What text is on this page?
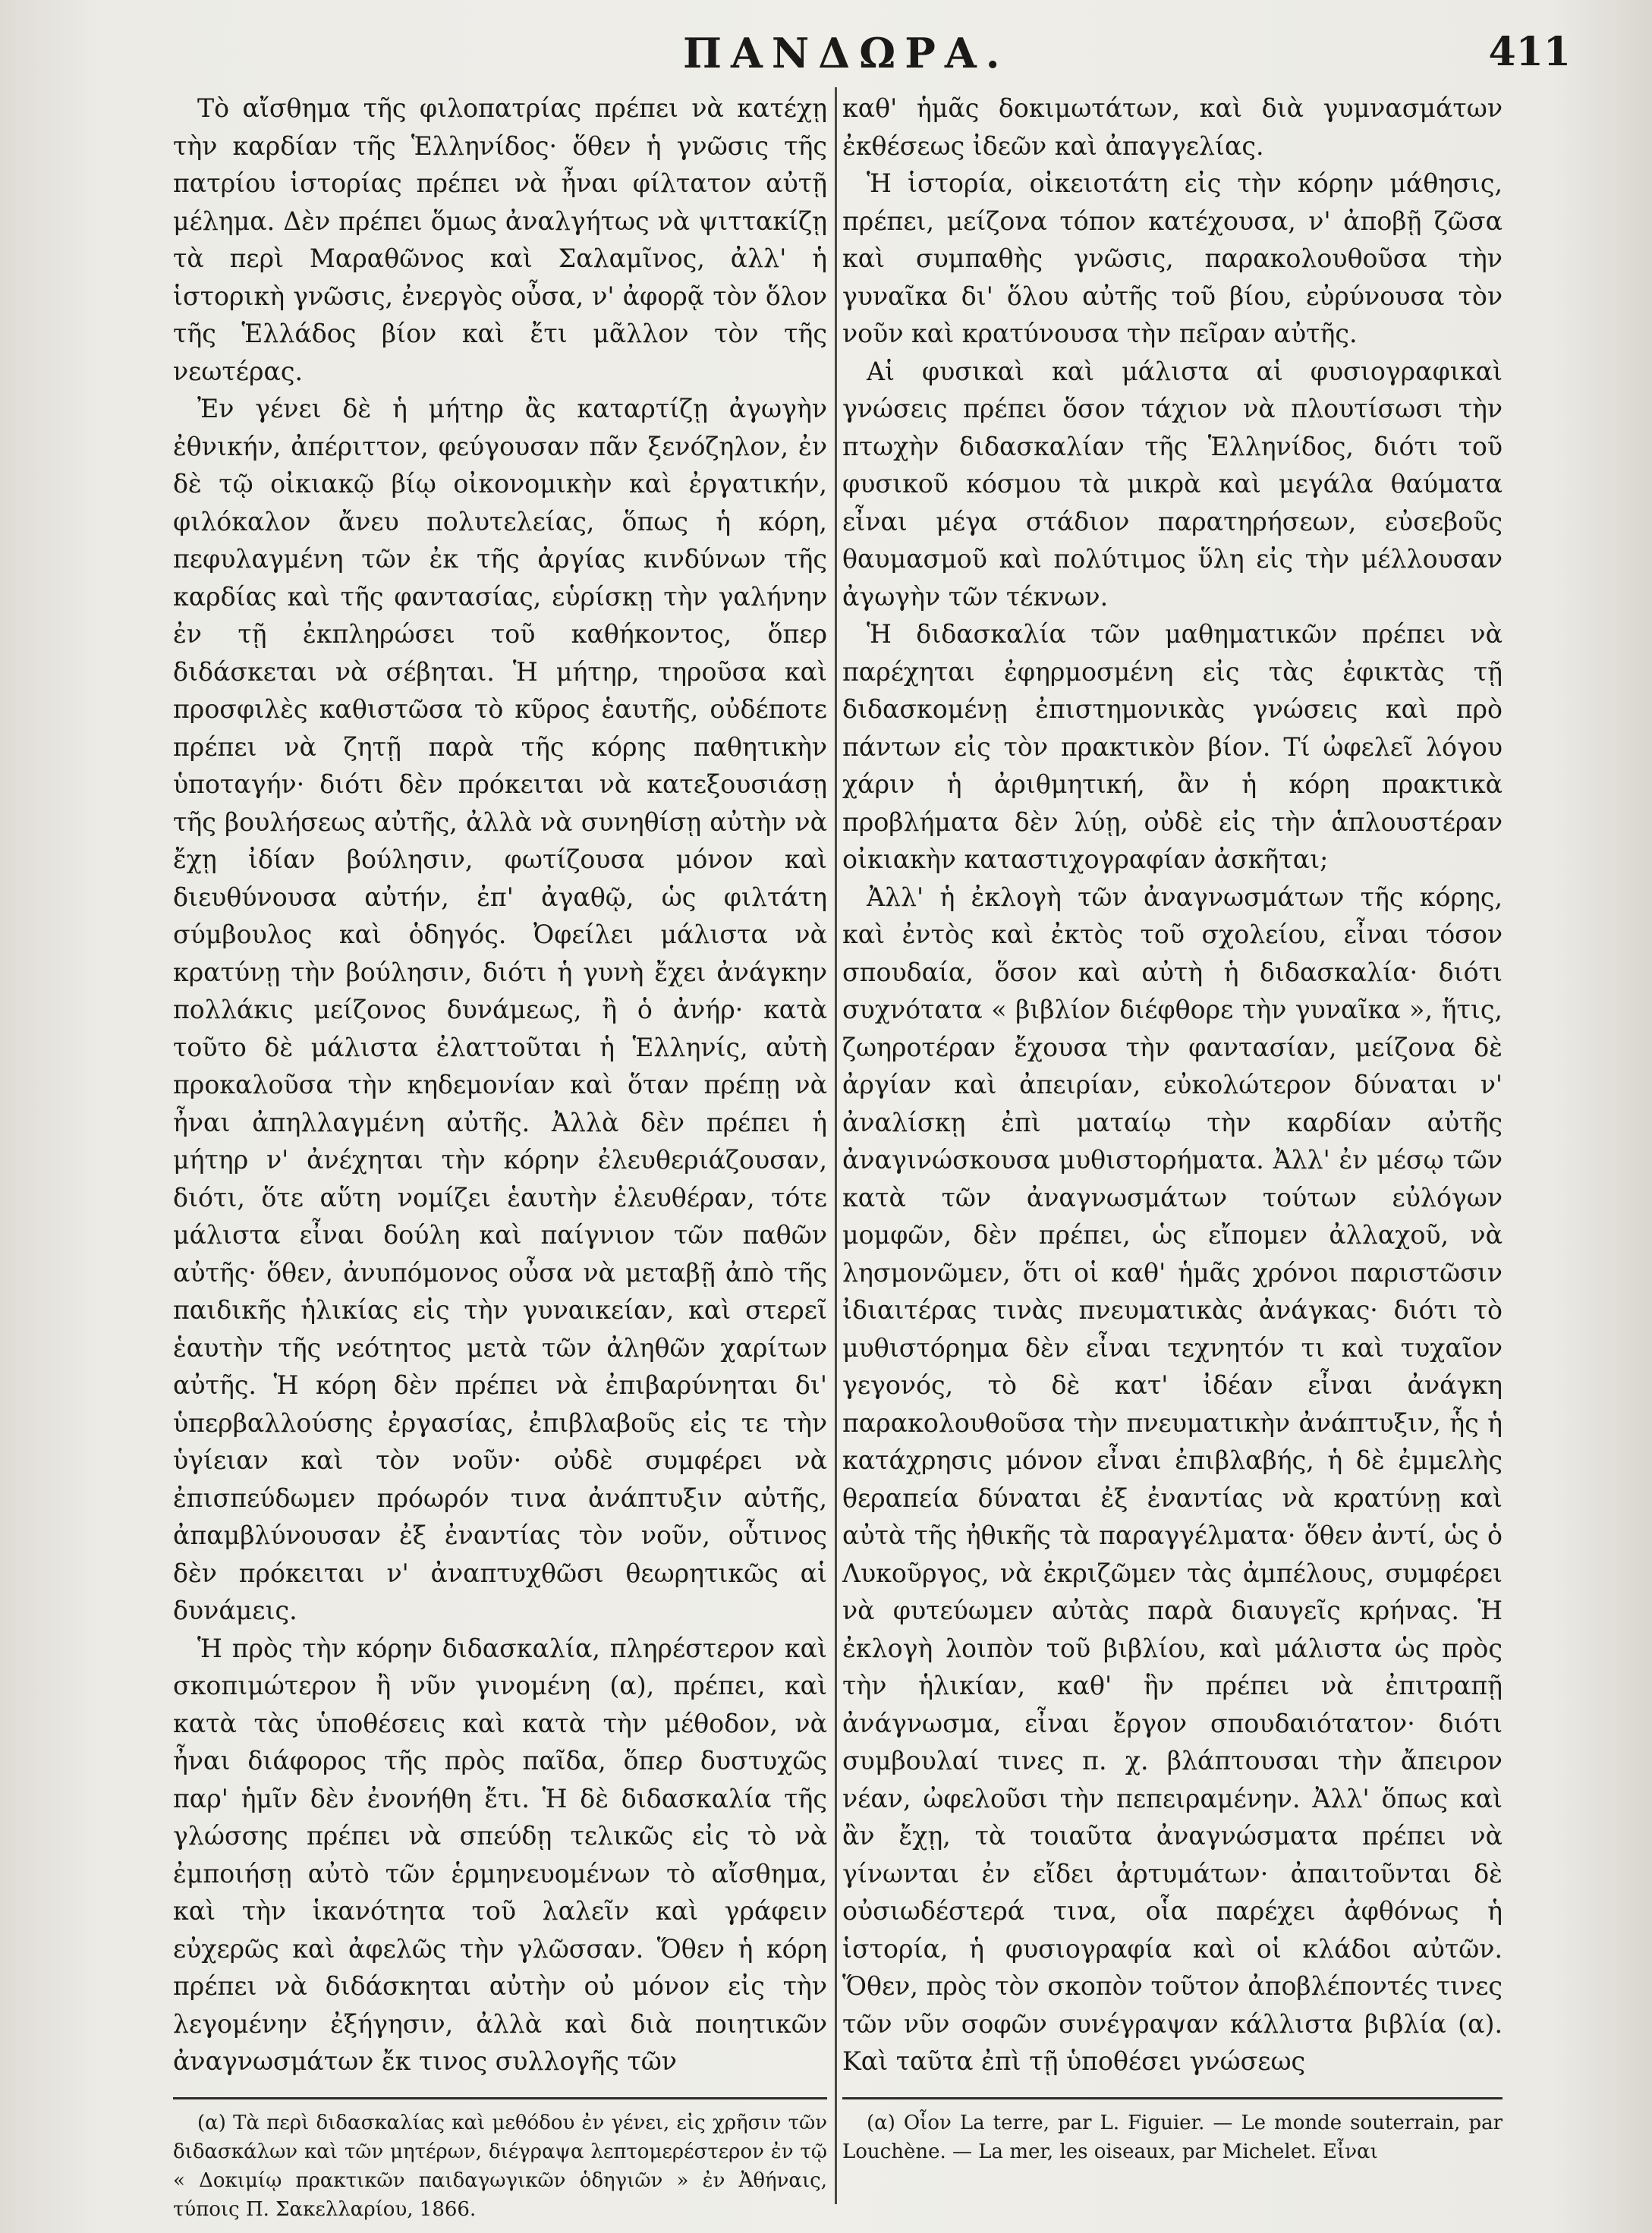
ΠΑΝΔΩΡΑ.	411

Τὸ αἴσθημα τῆς φιλοπατρίας πρέπει νὰ κατέχῃ τὴν καρδίαν τῆς Ἑλληνίδος· ὅθεν ἡ γνῶσις τῆς πατρίου ἱστορίας πρέπει νὰ ἦναι φίλτατον αὐτῇ μέλημα. Δὲν πρέπει ὅμως ἀναλγήτως νὰ ψιττακίζῃ τὰ περὶ Μαραθῶνος καὶ Σαλαμῖνος, ἀλλ' ἡ ἱστορικὴ γνῶσις, ἐνεργὸς οὖσα, ν' ἀφορᾷ τὸν ὅλον τῆς Ἑλλάδος βίον καὶ ἔτι μᾶλλον τὸν τῆς νεωτέρας.

Ἐν γένει δὲ ἡ μήτηρ ἂς καταρτίζῃ ἀγωγὴν ἐθνικήν, ἀπέριττον, φεύγουσαν πᾶν ξενόζηλον, ἐν δὲ τῷ οἰκιακῷ βίῳ οἰκονομικὴν καὶ ἐργατικήν, φιλόκαλον ἄνευ πολυτελείας, ὅπως ἡ κόρη, πεφυλαγμένη τῶν ἐκ τῆς ἀργίας κινδύνων τῆς καρδίας καὶ τῆς φαντασίας, εὑρίσκῃ τὴν γαλήνην ἐν τῇ ἐκπληρώσει τοῦ καθήκοντος, ὅπερ διδάσκεται νὰ σέβηται. Ἡ μήτηρ, τηροῦσα καὶ προσφιλὲς καθιστῶσα τὸ κῦρος ἑαυτῆς, οὐδέποτε πρέπει νὰ ζητῇ παρὰ τῆς κόρης παθητικὴν ὑποταγήν· διότι δὲν πρόκειται νὰ κατεξουσιάσῃ τῆς βουλήσεως αὐτῆς, ἀλλὰ νὰ συνηθίσῃ αὐτὴν νὰ ἔχῃ ἰδίαν βούλησιν, φωτίζουσα μόνον καὶ διευθύνουσα αὐτήν, ἐπ' ἀγαθῷ, ὡς φιλτάτη σύμβουλος καὶ ὁδηγός. Ὀφείλει μάλιστα νὰ κρατύνῃ τὴν βούλησιν, διότι ἡ γυνὴ ἔχει ἀνάγκην πολλάκις μείζονος δυνάμεως, ἢ ὁ ἀνήρ· κατὰ τοῦτο δὲ μάλιστα ἐλαττοῦται ἡ Ἑλληνίς, αὐτὴ προκαλοῦσα τὴν κηδεμονίαν καὶ ὅταν πρέπῃ νὰ ἦναι ἀπηλλαγμένη αὐτῆς. Ἀλλὰ δὲν πρέπει ἡ μήτηρ ν' ἀνέχηται τὴν κόρην ἐλευθεριάζουσαν, διότι, ὅτε αὕτη νομίζει ἑαυτὴν ἐλευθέραν, τότε μάλιστα εἶναι δούλη καὶ παίγνιον τῶν παθῶν αὐτῆς· ὅθεν, ἀνυπόμονος οὖσα νὰ μεταβῇ ἀπὸ τῆς παιδικῆς ἡλικίας εἰς τὴν γυναικείαν, καὶ στερεῖ ἑαυτὴν τῆς νεότητος μετὰ τῶν ἀληθῶν χαρίτων αὐτῆς. Ἡ κόρη δὲν πρέπει νὰ ἐπιβαρύνηται δι' ὑπερβαλλούσης ἐργασίας, ἐπιβλαβοῦς εἰς τε τὴν ὑγίειαν καὶ τὸν νοῦν· οὐδὲ συμφέρει νὰ ἐπισπεύδωμεν πρόωρόν τινα ἀνάπτυξιν αὐτῆς, ἀπαμβλύνουσαν ἐξ ἐναντίας τὸν νοῦν, οὗτινος δὲν πρόκειται ν' ἀναπτυχθῶσι θεωρητικῶς αἱ δυνάμεις.

Ἡ πρὸς τὴν κόρην διδασκαλία, πληρέστερον καὶ σκοπιμώτερον ἢ νῦν γινομένη (α), πρέπει, καὶ κατὰ τὰς ὑποθέσεις καὶ κατὰ τὴν μέθοδον, νὰ ἦναι διάφορος τῆς πρὸς παῖδα, ὅπερ δυστυχῶς παρ' ἡμῖν δὲν ἐνονήθη ἔτι. Ἡ δὲ διδασκαλία τῆς γλώσσης πρέπει νὰ σπεύδῃ τελικῶς εἰς τὸ νὰ ἐμποιήσῃ αὐτὸ τῶν ἑρμηνευομένων τὸ αἴσθημα, καὶ τὴν ἱκανότητα τοῦ λαλεῖν καὶ γράφειν εὐχερῶς καὶ ἀφελῶς τὴν γλῶσσαν. Ὅθεν ἡ κόρη πρέπει νὰ διδάσκηται αὐτὴν οὐ μόνον εἰς τὴν λεγομένην ἐξήγησιν, ἀλλὰ καὶ διὰ ποιητικῶν ἀναγνωσμάτων ἔκ τινος συλλογῆς τῶν

(α) Τὰ περὶ διδασκαλίας καὶ μεθόδου ἐν γένει, εἰς χρῆσιν τῶν διδασκάλων καὶ τῶν μητέρων, διέγραψα λεπτομερέστερον ἐν τῷ « Δοκιμίῳ πρακτικῶν παιδαγωγικῶν ὁδηγιῶν » ἐν Ἀθήναις, τύποις Π. Σακελλαρίου, 1866.

καθ' ἡμᾶς δοκιμωτάτων, καὶ διὰ γυμνασμάτων ἐκθέσεως ἰδεῶν καὶ ἀπαγγελίας.

Ἡ ἱστορία, οἰκειοτάτη εἰς τὴν κόρην μάθησις, πρέπει, μείζονα τόπον κατέχουσα, ν' ἀποβῇ ζῶσα καὶ συμπαθὴς γνῶσις, παρακολουθοῦσα τὴν γυναῖκα δι' ὅλου αὐτῆς τοῦ βίου, εὐρύνουσα τὸν νοῦν καὶ κρατύνουσα τὴν πεῖραν αὐτῆς.

Αἱ φυσικαὶ καὶ μάλιστα αἱ φυσιογραφικαὶ γνώσεις πρέπει ὅσον τάχιον νὰ πλουτίσωσι τὴν πτωχὴν διδασκαλίαν τῆς Ἑλληνίδος, διότι τοῦ φυσικοῦ κόσμου τὰ μικρὰ καὶ μεγάλα θαύματα εἶναι μέγα στάδιον παρατηρήσεων, εὐσεβοῦς θαυμασμοῦ καὶ πολύτιμος ὕλη εἰς τὴν μέλλουσαν ἀγωγὴν τῶν τέκνων.

Ἡ διδασκαλία τῶν μαθηματικῶν πρέπει νὰ παρέχηται ἐφηρμοσμένη εἰς τὰς ἐφικτὰς τῇ διδασκομένῃ ἐπιστημονικὰς γνώσεις καὶ πρὸ πάντων εἰς τὸν πρακτικὸν βίον. Τί ὠφελεῖ λόγου χάριν ἡ ἀριθμητική, ἂν ἡ κόρη πρακτικὰ προβλήματα δὲν λύῃ, οὐδὲ εἰς τὴν ἁπλουστέραν οἰκιακὴν καταστιχογραφίαν ἀσκῆται;

Ἀλλ' ἡ ἐκλογὴ τῶν ἀναγνωσμάτων τῆς κόρης, καὶ ἐντὸς καὶ ἐκτὸς τοῦ σχολείου, εἶναι τόσον σπουδαία, ὅσον καὶ αὐτὴ ἡ διδασκαλία· διότι συχνότατα « βιβλίον διέφθορε τὴν γυναῖκα », ἥτις, ζωηροτέραν ἔχουσα τὴν φαντασίαν, μείζονα δὲ ἀργίαν καὶ ἀπειρίαν, εὐκολώτερον δύναται ν' ἀναλίσκῃ ἐπὶ ματαίῳ τὴν καρδίαν αὐτῆς ἀναγινώσκουσα μυθιστορήματα. Ἀλλ' ἐν μέσῳ τῶν κατὰ τῶν ἀναγνωσμάτων τούτων εὐλόγων μομφῶν, δὲν πρέπει, ὡς εἴπομεν ἀλλαχοῦ, νὰ λησμονῶμεν, ὅτι οἱ καθ' ἡμᾶς χρόνοι παριστῶσιν ἰδιαιτέρας τινὰς πνευματικὰς ἀνάγκας· διότι τὸ μυθιστόρημα δὲν εἶναι τεχνητόν τι καὶ τυχαῖον γεγονός, τὸ δὲ κατ' ἰδέαν εἶναι ἀνάγκη παρακολουθοῦσα τὴν πνευματικὴν ἀνάπτυξιν, ἧς ἡ κατάχρησις μόνον εἶναι ἐπιβλαβής, ἡ δὲ ἐμμελὴς θεραπεία δύναται ἐξ ἐναντίας νὰ κρατύνῃ καὶ αὐτὰ τῆς ἠθικῆς τὰ παραγγέλματα· ὅθεν ἀντί, ὡς ὁ Λυκοῦργος, νὰ ἐκριζῶμεν τὰς ἀμπέλους, συμφέρει νὰ φυτεύωμεν αὐτὰς παρὰ διαυγεῖς κρήνας. Ἡ ἐκλογὴ λοιπὸν τοῦ βιβλίου, καὶ μάλιστα ὡς πρὸς τὴν ἡλικίαν, καθ' ἣν πρέπει νὰ ἐπιτραπῇ ἀνάγνωσμα, εἶναι ἔργον σπουδαιότατον· διότι συμβουλαί τινες π. χ. βλάπτουσαι τὴν ἄπειρον νέαν, ὠφελοῦσι τὴν πεπειραμένην. Ἀλλ' ὅπως καὶ ἂν ἔχῃ, τὰ τοιαῦτα ἀναγνώσματα πρέπει νὰ γίνωνται ἐν εἴδει ἀρτυμάτων· ἀπαιτοῦνται δὲ οὐσιωδέστερά τινα, οἷα παρέχει ἀφθόνως ἡ ἱστορία, ἡ φυσιογραφία καὶ οἱ κλάδοι αὐτῶν. Ὅθεν, πρὸς τὸν σκοπὸν τοῦτον ἀποβλέποντές τινες τῶν νῦν σοφῶν συνέγραψαν κάλλιστα βιβλία (α). Καὶ ταῦτα ἐπὶ τῇ ὑποθέσει γνώσεως

(α) Οἷον La terre, par L. Figuier. — Le monde souterrain, par Louchène. — La mer, les oiseaux, par Michelet. Εἶναι
